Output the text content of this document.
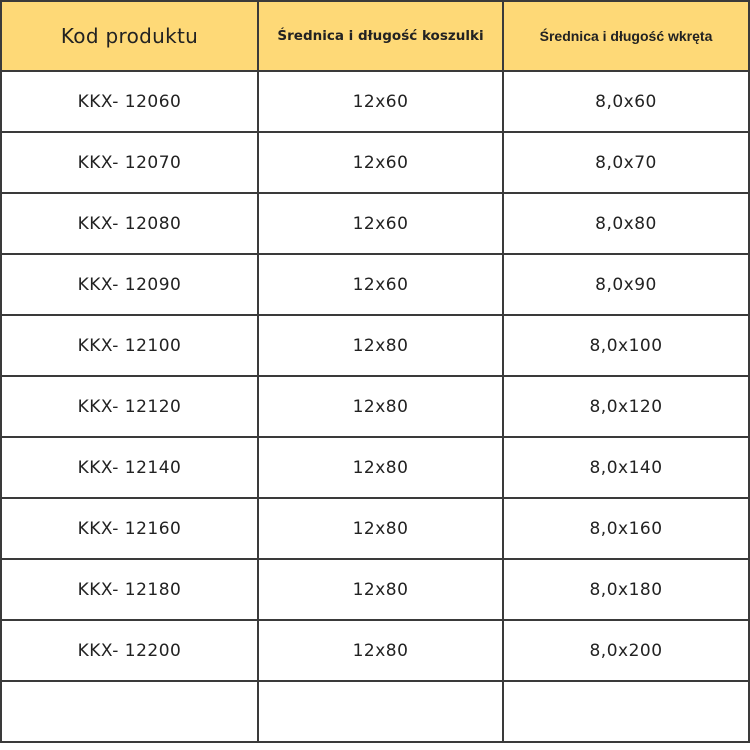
Kod produktu	Średnica i długość koszulki	Średnica i długość wkręta
KKX- 12060	12x60	8,0x60
KKX- 12070	12x60	8,0x70
KKX- 12080	12x60	8,0x80
KKX- 12090	12x60	8,0x90
KKX- 12100	12x80	8,0x100
KKX- 12120	12x80	8,0x120
KKX- 12140	12x80	8,0x140
KKX- 12160	12x80	8,0x160
KKX- 12180	12x80	8,0x180
KKX- 12200	12x80	8,0x200
